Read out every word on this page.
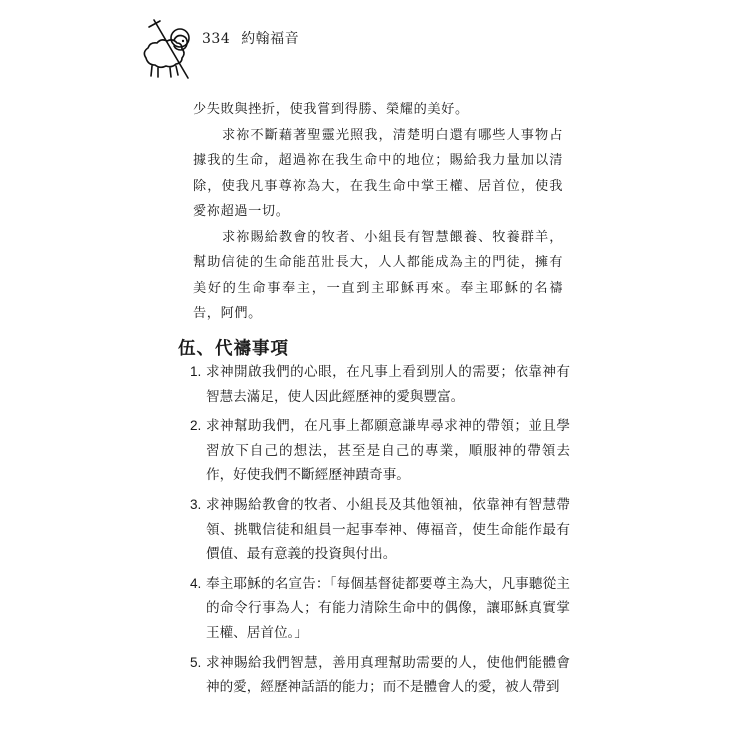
334 約翰福音

少失敗與挫折，使我嘗到得勝、榮耀的美好。

求祢不斷藉著聖靈光照我，清楚明白還有哪些人事物占據我的生命，超過祢在我生命中的地位；賜給我力量加以清除，使我凡事尊祢為大，在我生命中掌王權、居首位，使我愛祢超過一切。

求祢賜給教會的牧者、小組長有智慧餵養、牧養群羊，幫助信徒的生命能茁壯長大，人人都能成為主的門徒，擁有美好的生命事奉主，一直到主耶穌再來。奉主耶穌的名禱告，阿們。

伍、代禱事項
1. 求神開啟我們的心眼，在凡事上看到別人的需要；依靠神有智慧去滿足，使人因此經歷神的愛與豐富。
2. 求神幫助我們，在凡事上都願意謙卑尋求神的帶領；並且學習放下自己的想法，甚至是自己的專業，順服神的帶領去作，好使我們不斷經歷神蹟奇事。
3. 求神賜給教會的牧者、小組長及其他領袖，依靠神有智慧帶領、挑戰信徒和組員一起事奉神、傳福音，使生命能作最有價值、最有意義的投資與付出。
4. 奉主耶穌的名宣告：「每個基督徒都要尊主為大，凡事聽從主的命令行事為人；有能力清除生命中的偶像，讓耶穌真實掌王權、居首位。」
5. 求神賜給我們智慧，善用真理幫助需要的人，使他們能體會神的愛，經歷神話語的能力；而不是體會人的愛，被人帶到
